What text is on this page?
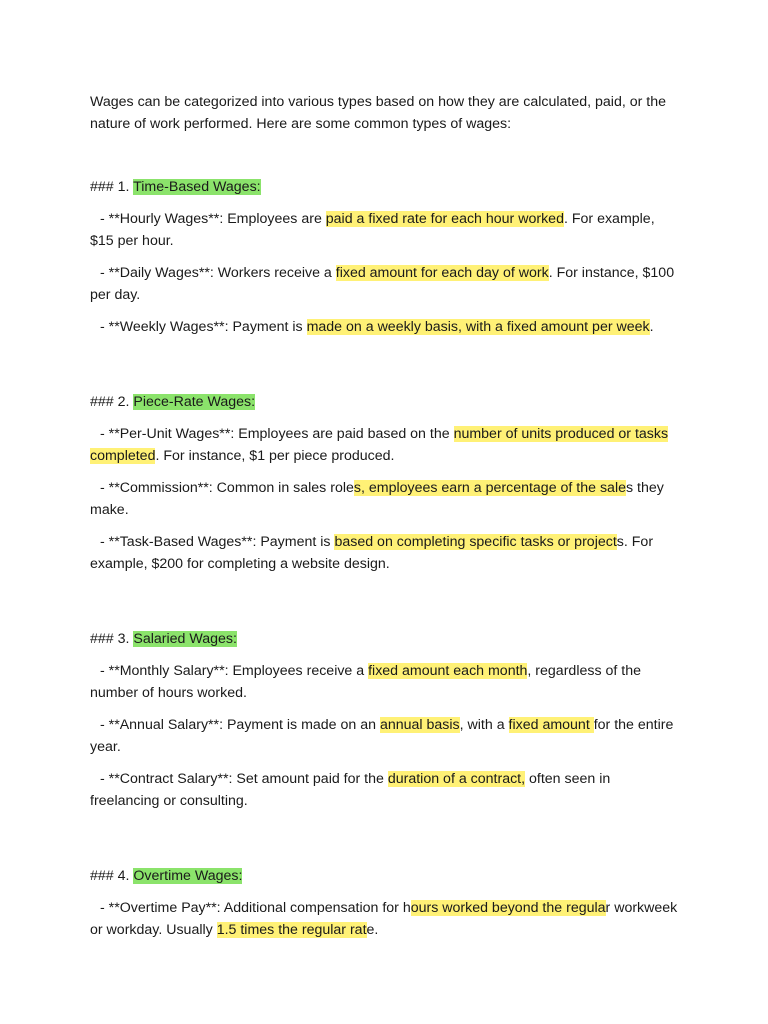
Wages can be categorized into various types based on how they are calculated, paid, or the nature of work performed. Here are some common types of wages:

### 1. Time-Based Wages:

- **Hourly Wages**: Employees are paid a fixed rate for each hour worked. For example, $15 per hour.

- **Daily Wages**: Workers receive a fixed amount for each day of work. For instance, $100 per day.

- **Weekly Wages**: Payment is made on a weekly basis, with a fixed amount per week.

### 2. Piece-Rate Wages:

- **Per-Unit Wages**: Employees are paid based on the number of units produced or tasks completed. For instance, $1 per piece produced.

- **Commission**: Common in sales roles, employees earn a percentage of the sales they make.

- **Task-Based Wages**: Payment is based on completing specific tasks or projects. For example, $200 for completing a website design.

### 3. Salaried Wages:

- **Monthly Salary**: Employees receive a fixed amount each month, regardless of the number of hours worked.

- **Annual Salary**: Payment is made on an annual basis, with a fixed amount for the entire year.

- **Contract Salary**: Set amount paid for the duration of a contract, often seen in freelancing or consulting.

### 4. Overtime Wages:

- **Overtime Pay**: Additional compensation for hours worked beyond the regular workweek or workday. Usually 1.5 times the regular rate.
